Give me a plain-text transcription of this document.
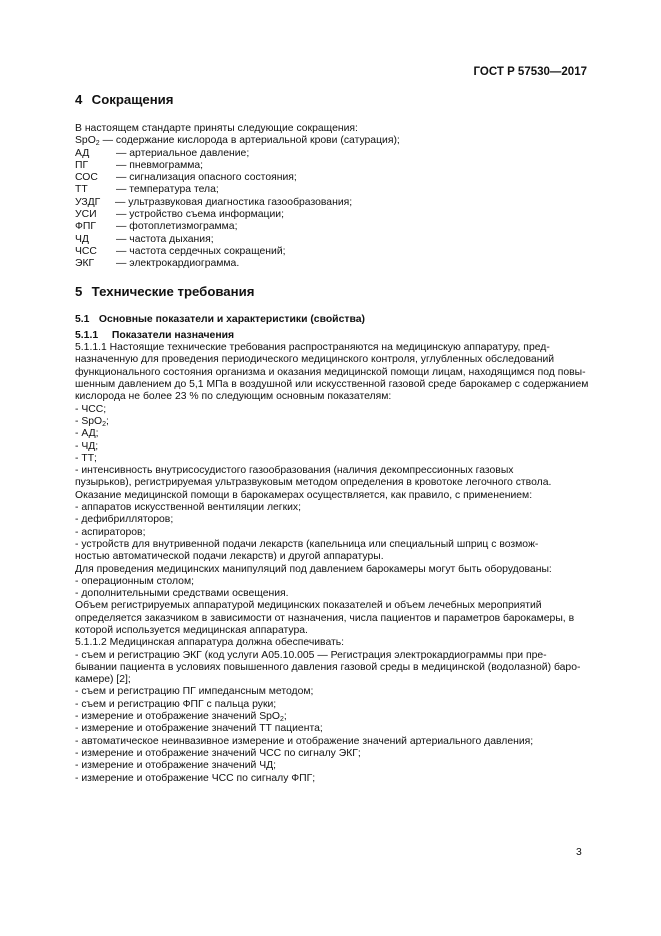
ГОСТ Р 57530—2017
4 Сокращения

В настоящем стандарте приняты следующие сокращения:

SpO$_2$ — содержание кислорода в артериальной крови (сатурация);

АД	— артериальное давление;

ПГ	— пневмограмма;

СОС — сигнализация опасного состояния;

ТТ	— температура тела;

УЗДГ — ультразвуковая диагностика газообразования;

УСИ — устройство съема информации;

ФПГ — фотоплетизмограмма;

ЧД	— частота дыхания;

ЧСС — частота сердечных сокращений;

ЭКГ — электрокардиограмма.

5 Технические требования
5.1 Основные показатели и характеристики (свойства)
5.1.1 Показатели назначения

5.1.1.1 Настоящие технические требования распространяются на медицинскую аппаратуру, пред-

назначенную для проведения периодического медицинского контроля, углубленных обследований

функционального состояния организма и оказания медицинской помощи лицам, находящимся под повы-

шенным давлением до 5,1 МПа в воздушной или искусственной газовой среде барокамер с содержанием

кислорода не более 23 % по следующим основным показателям:

- ЧСС;

- SpO$_2$;

- АД;

- ЧД;

- ТТ;

- интенсивность внутрисосудистого газообразования (наличия декомпрессионных газовых

пузырьков), регистрируемая ультразвуковым методом определения в кровотоке легочного ствола.

Оказание медицинской помощи в барокамерах осуществляется, как правило, с применением:

- аппаратов искусственной вентиляции легких;

- дефибрилляторов;

- аспираторов;

- устройств для внутривенной подачи лекарств (капельница или специальный шприц с возмож-

ностью автоматической подачи лекарств) и другой аппаратуры.

Для проведения медицинских манипуляций под давлением барокамеры могут быть оборудованы:

- операционным столом;

- дополнительными средствами освещения.

Объем регистрируемых аппаратурой медицинских показателей и объем лечебных мероприятий

определяется заказчиком в зависимости от назначения, числа пациентов и параметров барокамеры, в

которой используется медицинская аппаратура.

5.1.1.2 Медицинская аппаратура должна обеспечивать:

- съем и регистрацию ЭКГ (код услуги А05.10.005 — Регистрация электрокардиограммы при пре-

бывании пациента в условиях повышенного давления газовой среды в медицинской (водолазной) баро-

камере) [2];

- съем и регистрацию ПГ импедансным методом;

- съем и регистрацию ФПГ с пальца руки;

- измерение и отображение значений SpO$_2$;

- измерение и отображение значений ТТ пациента;

- автоматическое неинвазивное измерение и отображение значений артериального давления;

- измерение и отображение значений ЧСС по сигналу ЭКГ;

- измерение и отображение значений ЧД;

- измерение и отображение ЧСС по сигналу ФПГ;

3
